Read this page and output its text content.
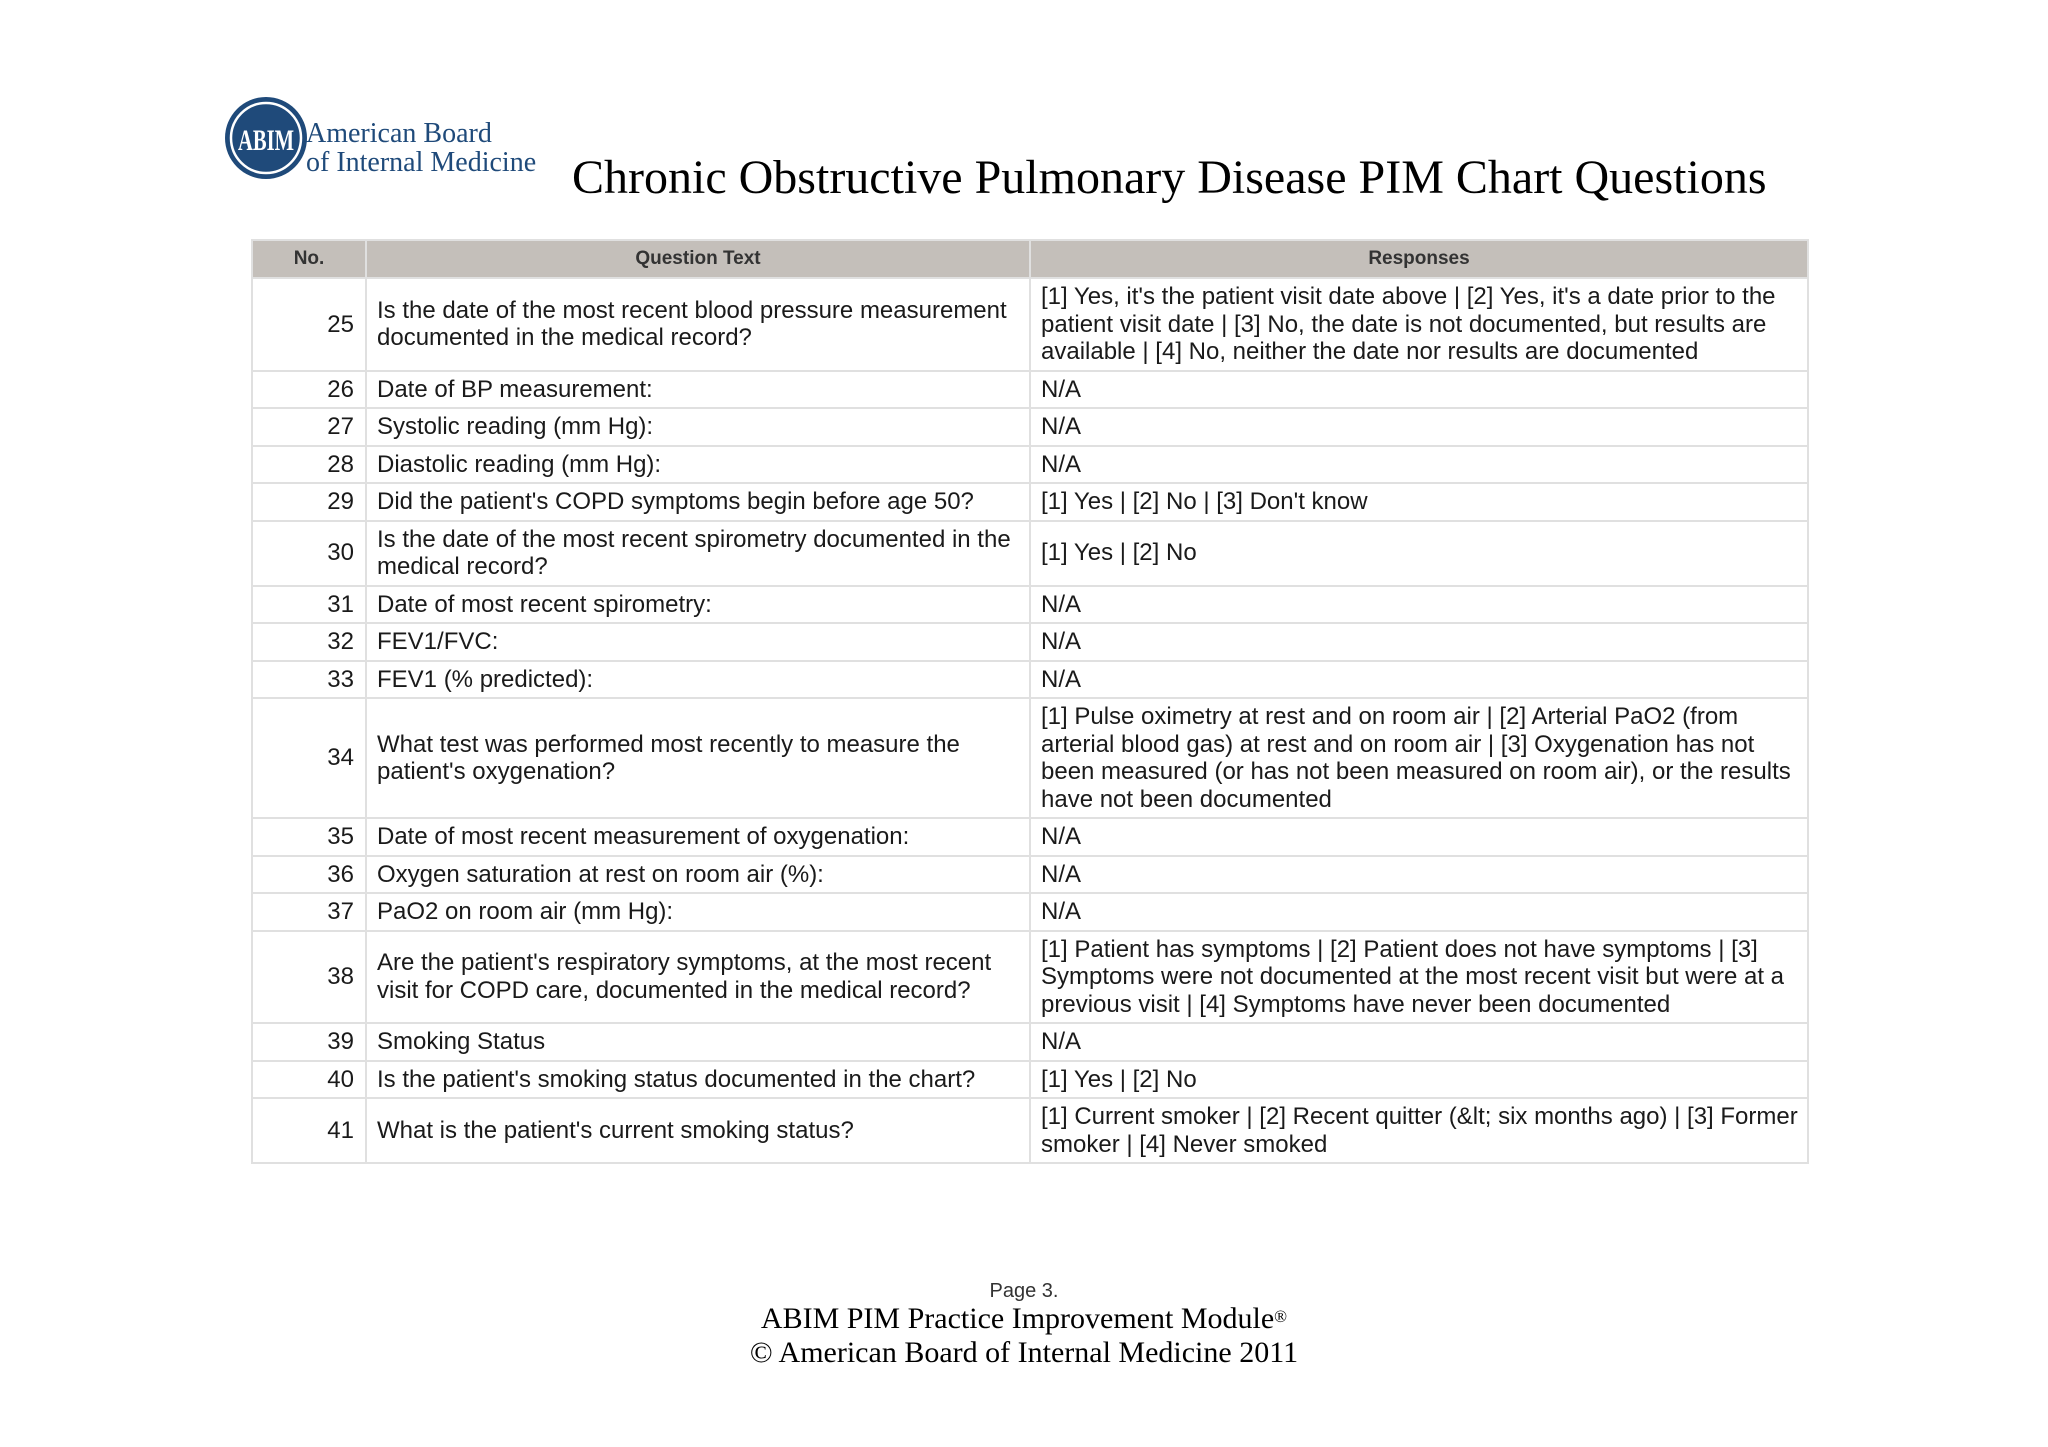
ABIM American Board
of Internal Medicine Chronic Obstructive Pulmonary Disease PIM Chart Questions
No.	Question Text	Responses
25	Is the date of the most recent blood pressure measurement documented in the medical record?	[1] Yes, it's the patient visit date above | [2] Yes, it's a date prior to the patient visit date | [3] No, the date is not documented, but results are available | [4] No, neither the date nor results are documented
26	Date of BP measurement:	N/A
27	Systolic reading (mm Hg):	N/A
28	Diastolic reading (mm Hg):	N/A
29	Did the patient's COPD symptoms begin before age 50?	[1] Yes | [2] No | [3] Don't know
30	Is the date of the most recent spirometry documented in the medical record?	[1] Yes | [2] No
31	Date of most recent spirometry:	N/A
32	FEV1/FVC:	N/A
33	FEV1 (% predicted):	N/A
34	What test was performed most recently to measure the patient's oxygenation?	[1] Pulse oximetry at rest and on room air | [2] Arterial PaO2 (from arterial blood gas) at rest and on room air | [3] Oxygenation has not been measured (or has not been measured on room air), or the results have not been documented
35	Date of most recent measurement of oxygenation:	N/A
36	Oxygen saturation at rest on room air (%):	N/A
37	PaO2 on room air (mm Hg):	N/A
38	Are the patient's respiratory symptoms, at the most recent visit for COPD care, documented in the medical record?	[1] Patient has symptoms | [2] Patient does not have symptoms | [3] Symptoms were not documented at the most recent visit but were at a previous visit | [4] Symptoms have never been documented
39	Smoking Status	N/A
40	Is the patient's smoking status documented in the chart?	[1] Yes | [2] No
41	What is the patient's current smoking status?	[1] Current smoker | [2] Recent quitter (&lt; six months ago) | [3] Former smoker | [4] Never smoked
Page 3.
ABIM PIM Practice Improvement Module®
© American Board of Internal Medicine 2011
